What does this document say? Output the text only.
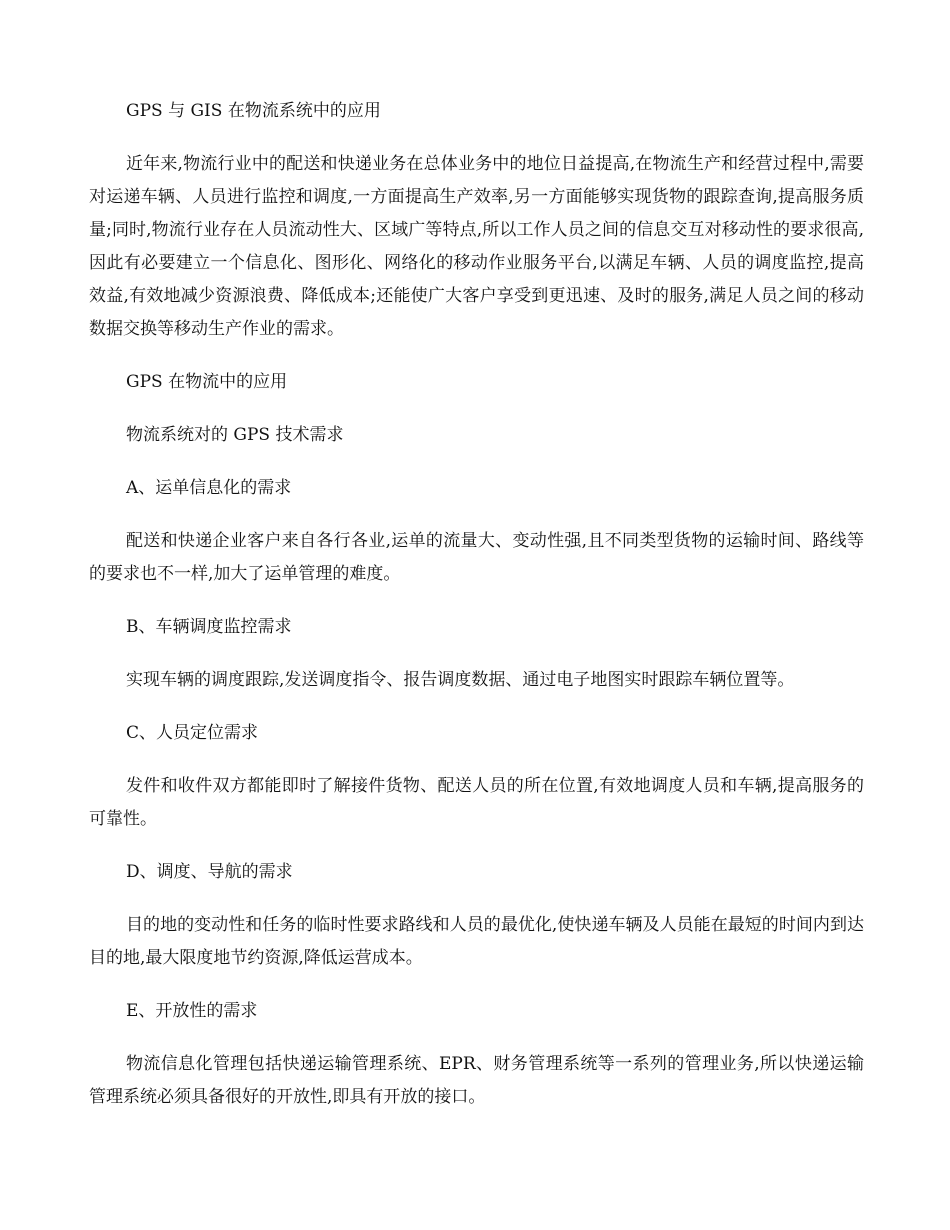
GPS 与 GIS 在物流系统中的应用

近年来,物流行业中的配送和快递业务在总体业务中的地位日益提高,在物流生产和经营过程中,需要对运递车辆、人员进行监控和调度,一方面提高生产效率,另一方面能够实现货物的跟踪查询,提高服务质量;同时,物流行业存在人员流动性大、区域广等特点,所以工作人员之间的信息交互对移动性的要求很高,因此有必要建立一个信息化、图形化、网络化的移动作业服务平台,以满足车辆、人员的调度监控,提高效益,有效地减少资源浪费、降低成本;还能使广大客户享受到更迅速、及时的服务,满足人员之间的移动数据交换等移动生产作业的需求。

GPS 在物流中的应用

物流系统对的 GPS 技术需求

A、运单信息化的需求

配送和快递企业客户来自各行各业,运单的流量大、变动性强,且不同类型货物的运输时间、路线等的要求也不一样,加大了运单管理的难度。

B、车辆调度监控需求

实现车辆的调度跟踪,发送调度指令、报告调度数据、通过电子地图实时跟踪车辆位置等。

C、人员定位需求

发件和收件双方都能即时了解接件货物、配送人员的所在位置,有效地调度人员和车辆,提高服务的可靠性。

D、调度、导航的需求

目的地的变动性和任务的临时性要求路线和人员的最优化,使快递车辆及人员能在最短的时间内到达目的地,最大限度地节约资源,降低运营成本。

E、开放性的需求

物流信息化管理包括快递运输管理系统、EPR、财务管理系统等一系列的管理业务,所以快递运输管理系统必须具备很好的开放性,即具有开放的接口。
